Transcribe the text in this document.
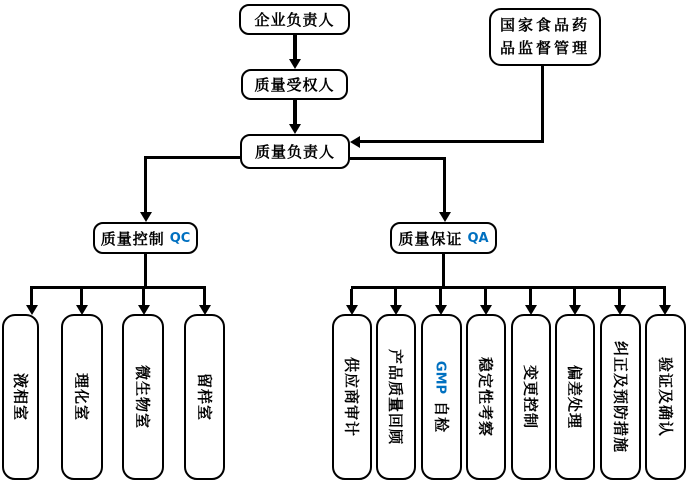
企业负责人	国家食品药
品监督管理
质量受权人
质量负责人
质量控制 QC	质量保证 QA
液相室	理化室	微生物室	留样室	供应商审计 产品质量回顾 GMP自检 稳定性考察 变更控制 偏差处理 纠正及预防措施 验证及确认
